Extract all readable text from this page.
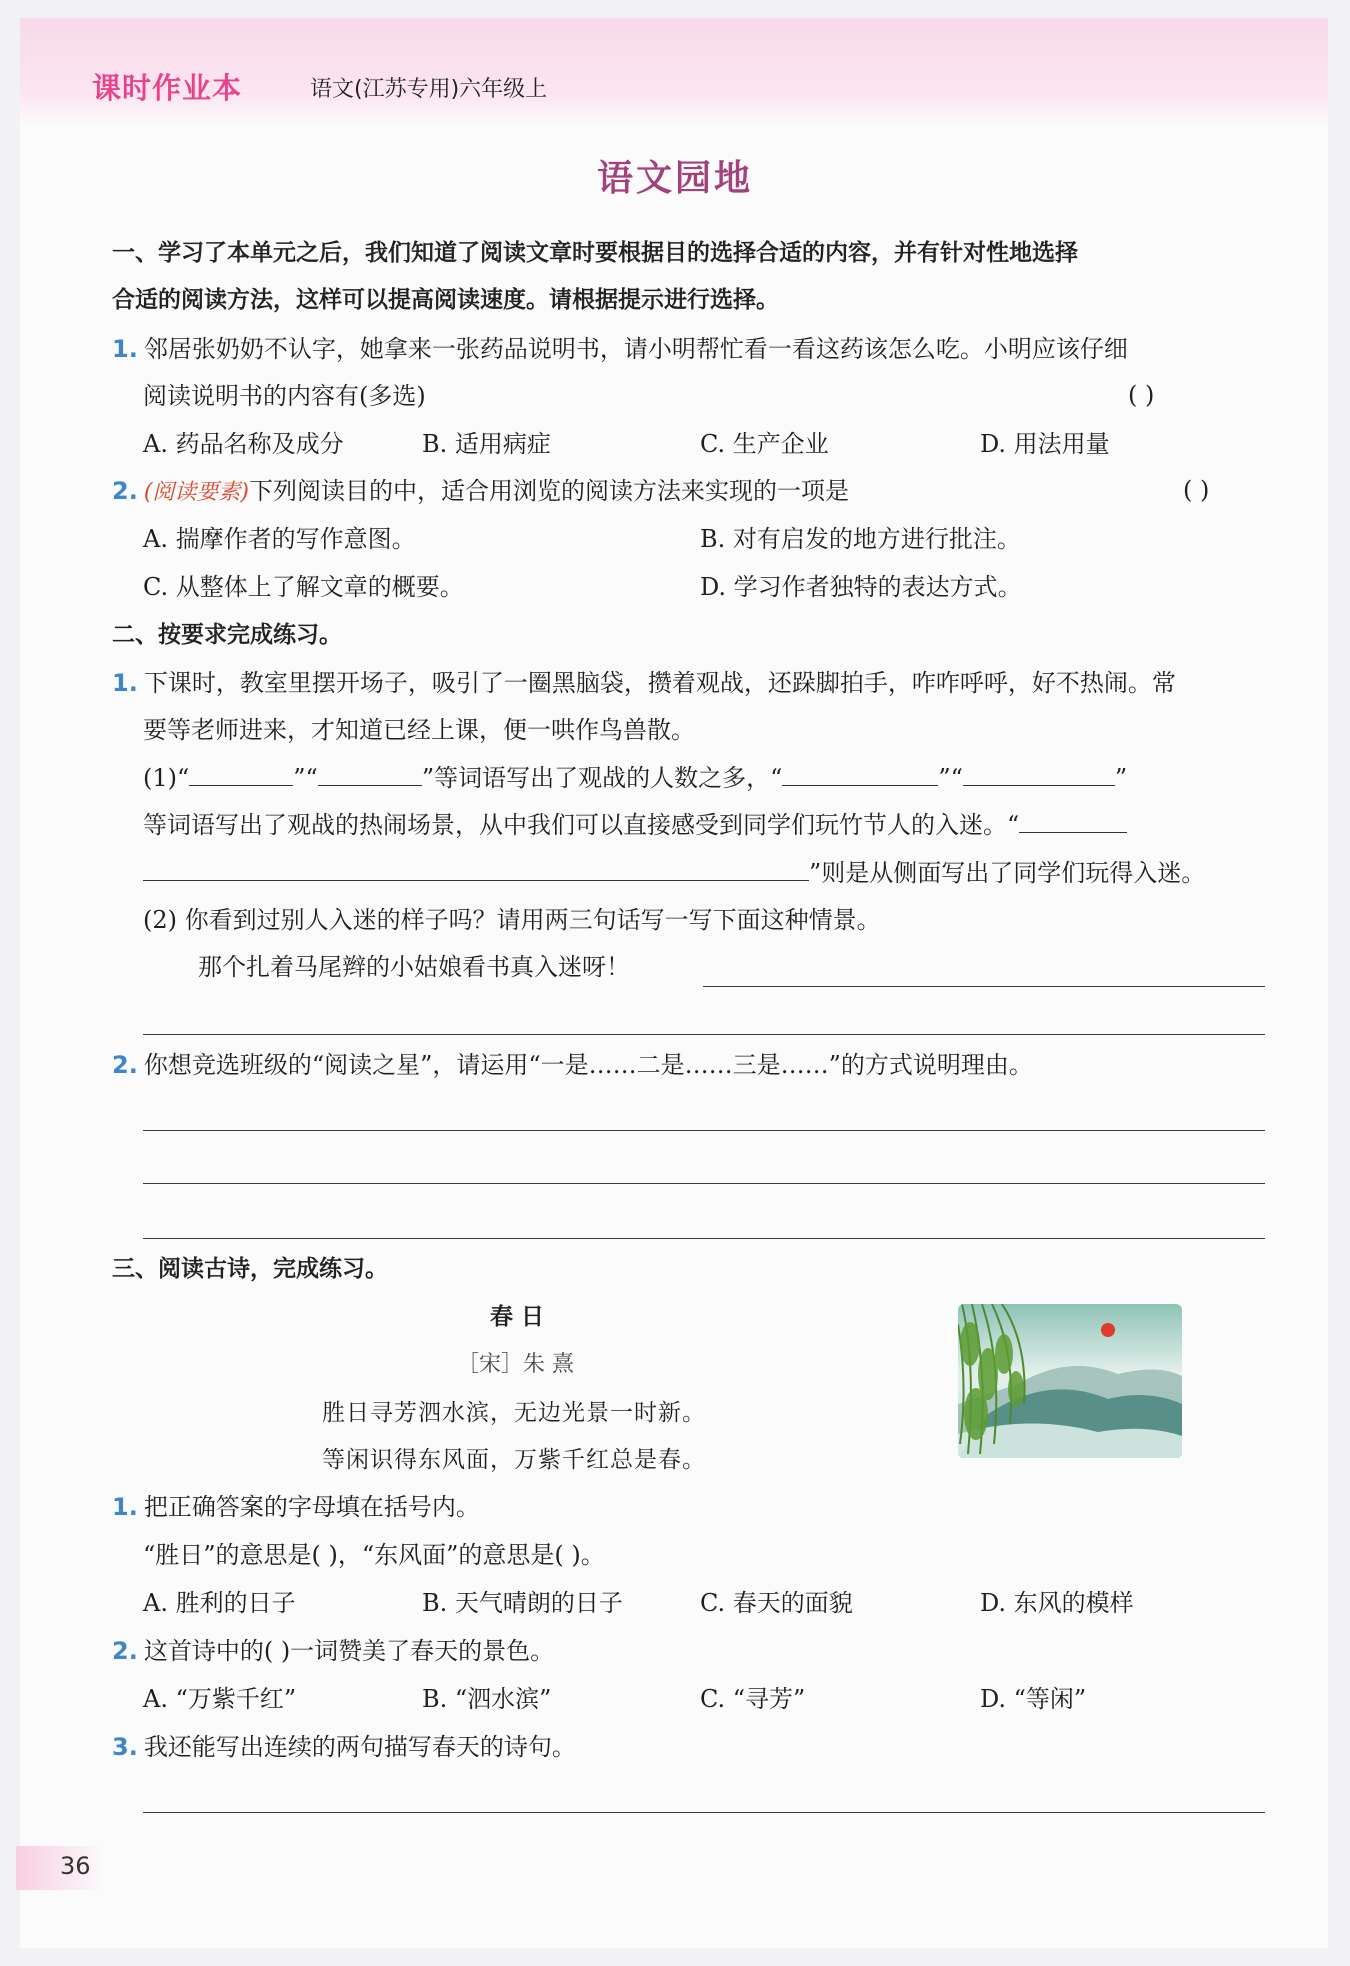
课时作业本	语文(江苏专用)六年级上
语文园地
一、学习了本单元之后，我们知道了阅读文章时要根据目的选择合适的内容，并有针对性地选择
合适的阅读方法，这样可以提高阅读速度。请根据提示进行选择。
1. 邻居张奶奶不认字，她拿来一张药品说明书，请小明帮忙看一看这药该怎么吃。小明应该仔细
阅读说明书的内容有(多选)	( )
A. 药品名称及成分	B. 适用病症	C. 生产企业	D. 用法用量
2. (阅读要素)下列阅读目的中，适合用浏览的阅读方法来实现的一项是	( )
A. 揣摩作者的写作意图。	B. 对有启发的地方进行批注。
C. 从整体上了解文章的概要。	D. 学习作者独特的表达方式。
二、按要求完成练习。
1. 下课时，教室里摆开场子，吸引了一圈黑脑袋，攒着观战，还跺脚拍手，咋咋呼呼，好不热闹。常
要等老师进来，才知道已经上课，便一哄作鸟兽散。
(1)“	”“	”等词语写出了观战的人数之多，“	”“	”
等词语写出了观战的热闹场景，从中我们可以直接感受到同学们玩竹节人的入迷。“
”则是从侧面写出了同学们玩得入迷。
(2) 你看到过别人入迷的样子吗？请用两三句话写一写下面这种情景。
那个扎着马尾辫的小姑娘看书真入迷呀！
2. 你想竞选班级的“阅读之星”，请运用“一是……二是……三是……”的方式说明理由。
三、阅读古诗，完成练习。
春 日
［宋］朱 熹
胜日寻芳泗水滨，无边光景一时新。
等闲识得东风面，万紫千红总是春。
1. 把正确答案的字母填在括号内。
“胜日”的意思是( )，“东风面”的意思是( )。
A. 胜利的日子	B. 天气晴朗的日子	C. 春天的面貌	D. 东风的模样
2. 这首诗中的( )一词赞美了春天的景色。
A. “万紫千红”	B. “泗水滨”	C. “寻芳”	D. “等闲”
3. 我还能写出连续的两句描写春天的诗句。
36
